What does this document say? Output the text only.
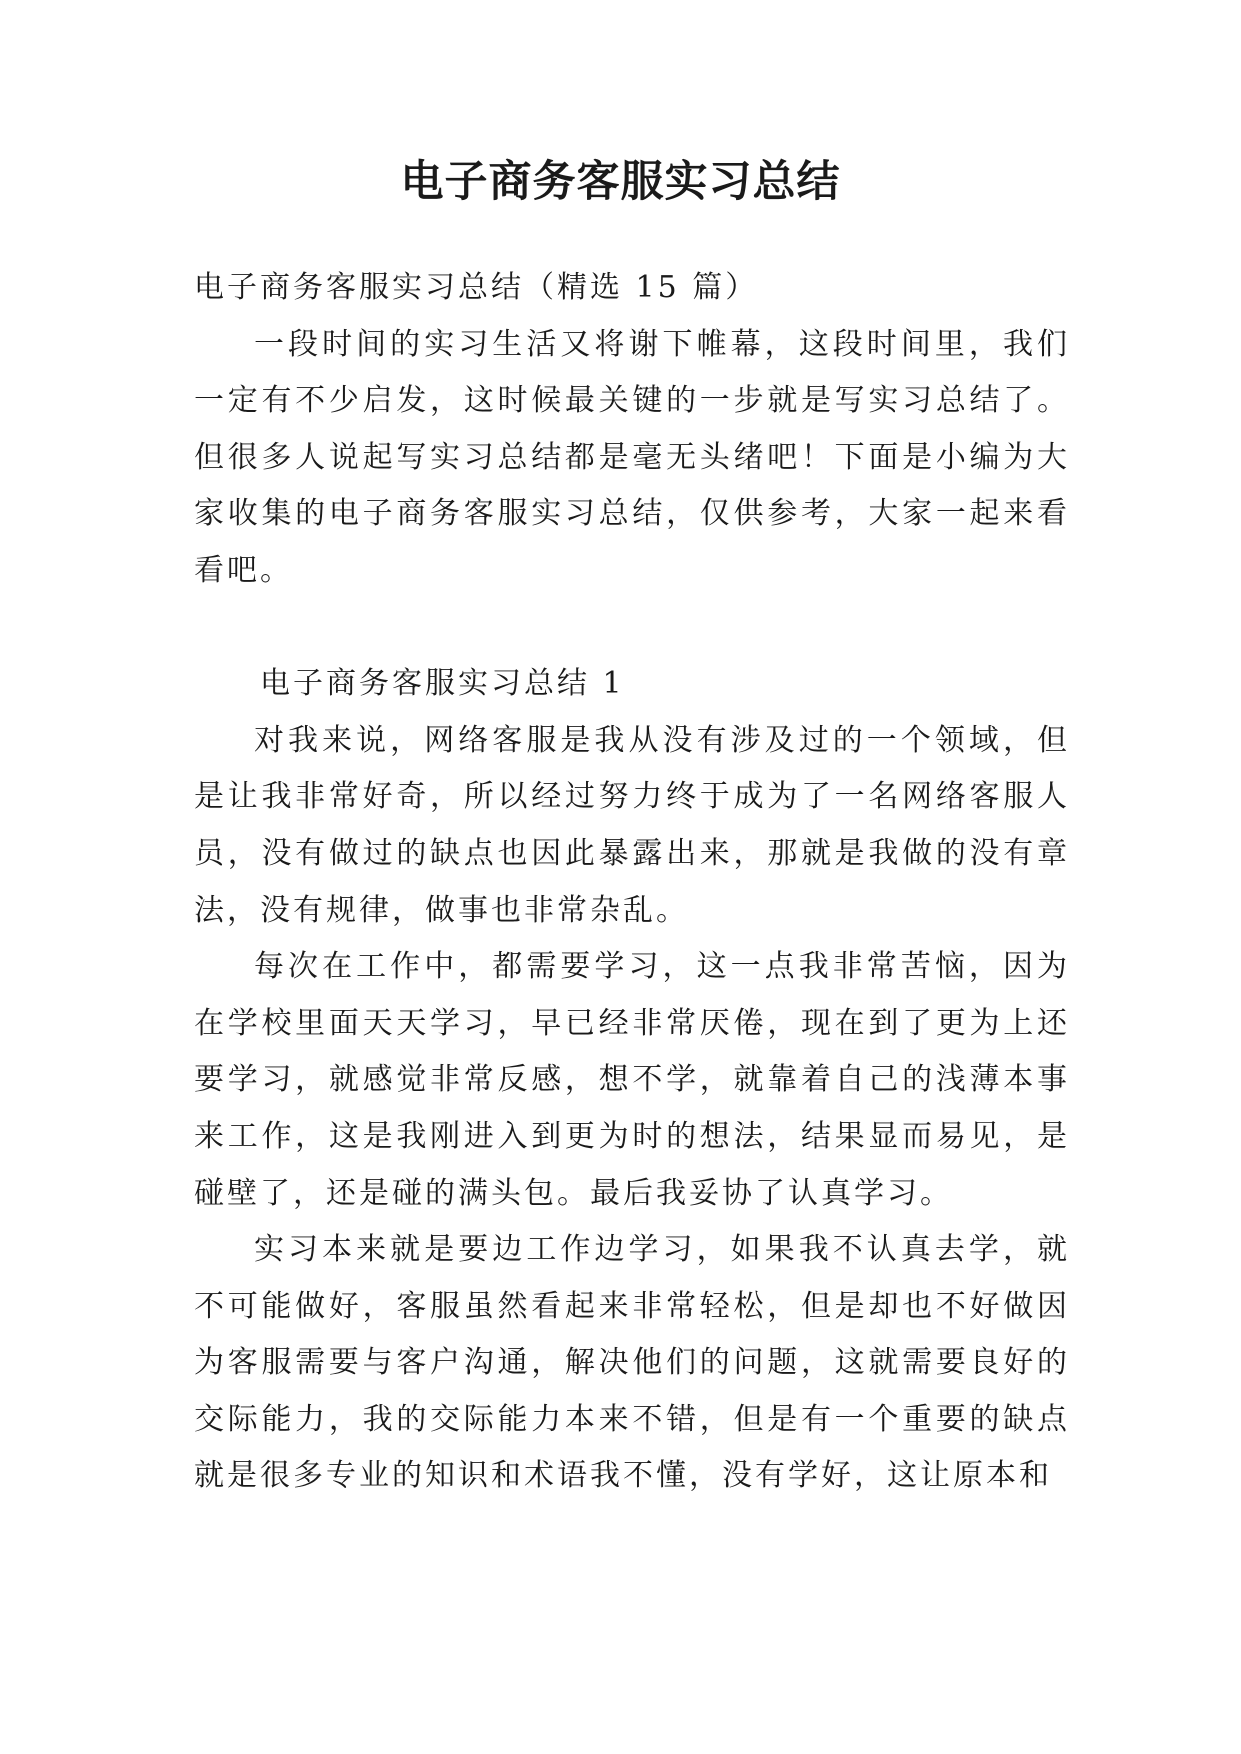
电子商务客服实习总结

电子商务客服实习总结（精选 15 篇）

一段时间的实习生活又将谢下帷幕，这段时间里，我们一定有不少启发，这时候最关键的一步就是写实习总结了。但很多人说起写实习总结都是毫无头绪吧！下面是小编为大家收集的电子商务客服实习总结，仅供参考，大家一起来看看吧。

电子商务客服实习总结 1

对我来说，网络客服是我从没有涉及过的一个领域，但是让我非常好奇，所以经过努力终于成为了一名网络客服人员，没有做过的缺点也因此暴露出来，那就是我做的没有章法，没有规律，做事也非常杂乱。

每次在工作中，都需要学习，这一点我非常苦恼，因为在学校里面天天学习，早已经非常厌倦，现在到了更为上还要学习，就感觉非常反感，想不学，就靠着自己的浅薄本事来工作，这是我刚进入到更为时的想法，结果显而易见，是碰壁了，还是碰的满头包。最后我妥协了认真学习。

实习本来就是要边工作边学习，如果我不认真去学，就不可能做好，客服虽然看起来非常轻松，但是却也不好做因为客服需要与客户沟通，解决他们的问题，这就需要良好的交际能力，我的交际能力本来不错，但是有一个重要的缺点就是很多专业的知识和术语我不懂，没有学好，这让原本和
